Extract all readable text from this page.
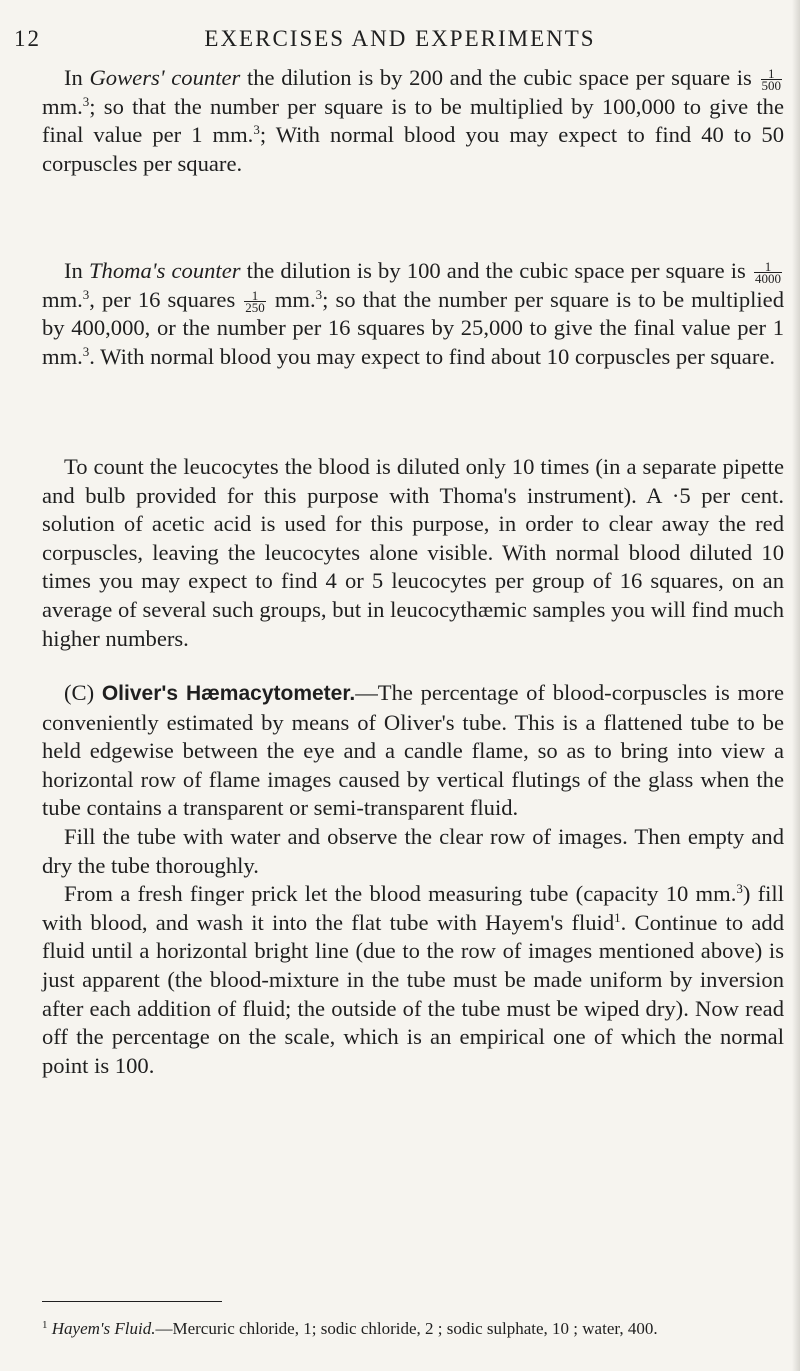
12	EXERCISES AND EXPERIMENTS

In Gowers' counter the dilution is by 200 and the cubic space per square is $\frac{1}{500}$
mm.$^3$; so that the number per square is to be multiplied by 100,000 to give the final value per 1 mm.$^3$; With normal blood you may expect to find 40 to 50 corpuscles per square.

In Thoma's counter the dilution is by 100 and the cubic space per square is $\frac{1}{4000}$
mm.$^3$, per 16 squares $\frac{1}{250} mm.^3$; so that the number per square is to be multiplied by 400,000, or the number per 16 squares by 25,000 to give the final value per 1 mm.$^3$. With normal blood you may expect to find about 10 corpuscles per square.

To count the leucocytes the blood is diluted only 10 times (in a separate pipette and bulb provided for this purpose with Thoma's instrument). A ·5 per cent. solution of acetic acid is used for this purpose, in order to clear away the red corpuscles, leaving the leucocytes alone visible. With normal blood diluted 10 times you may expect to find 4 or 5 leucocytes per group of 16 squares, on an average of several such groups, but in leucocythæmic samples you will find much higher numbers.

(C) Oliver's Hæmacytometer.—The percentage of blood-corpuscles is more conveniently estimated by means of Oliver's tube. This is a flattened tube to be held edgewise between the eye and a candle flame, so as to bring into view a horizontal row of flame images caused by vertical flutings of the glass when the tube contains a transparent or semi-transparent fluid.

Fill the tube with water and observe the clear row of images. Then empty and dry the tube thoroughly.

From a fresh finger prick let the blood measuring tube (capacity 10 mm.$^3$) fill with blood, and wash it into the flat tube with Hayem's fluid$^1$. Continue to add fluid until a horizontal bright line (due to the row of images mentioned above) is just apparent (the blood-mixture in the tube must be made uniform by inversion after each addition of fluid; the outside of the tube must be wiped dry). Now read off the percentage on the scale, which is an empirical one of which the normal point is 100.

$^1$ Hayem's Fluid.—Mercuric chloride, 1; sodic chloride, 2 ; sodic sulphate, 10 ; water, 400.
